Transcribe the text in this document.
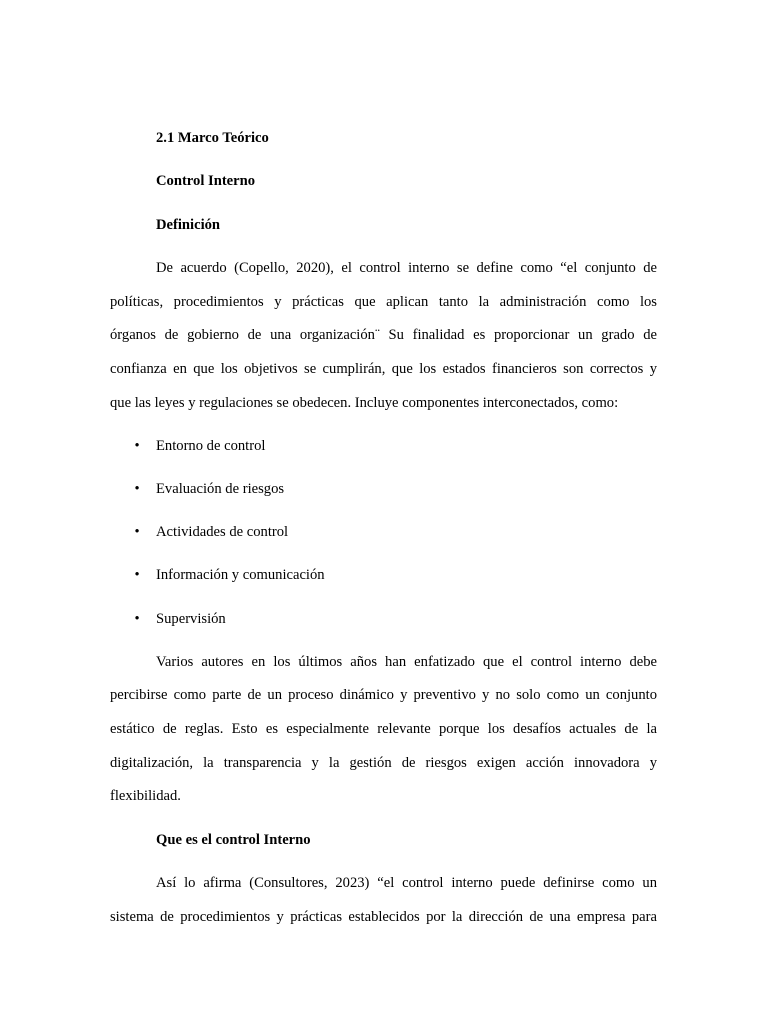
2.1 Marco Teórico
Control Interno
Definición
De acuerdo (Copello, 2020), el control interno se define como “el conjunto de
políticas, procedimientos y prácticas que aplican tanto la administración como los
órganos de gobierno de una organización¨ Su finalidad es proporcionar un grado de
confianza en que los objetivos se cumplirán, que los estados financieros son correctos y
que las leyes y regulaciones se obedecen. Incluye componentes interconectados, como:
• Entorno de control
• Evaluación de riesgos
• Actividades de control
• Información y comunicación
• Supervisión
Varios autores en los últimos años han enfatizado que el control interno debe
percibirse como parte de un proceso dinámico y preventivo y no solo como un conjunto
estático de reglas. Esto es especialmente relevante porque los desafíos actuales de la
digitalización, la transparencia y la gestión de riesgos exigen acción innovadora y
flexibilidad.
Que es el control Interno
Así lo afirma (Consultores, 2023) “el control interno puede definirse como un
sistema de procedimientos y prácticas establecidos por la dirección de una empresa para
